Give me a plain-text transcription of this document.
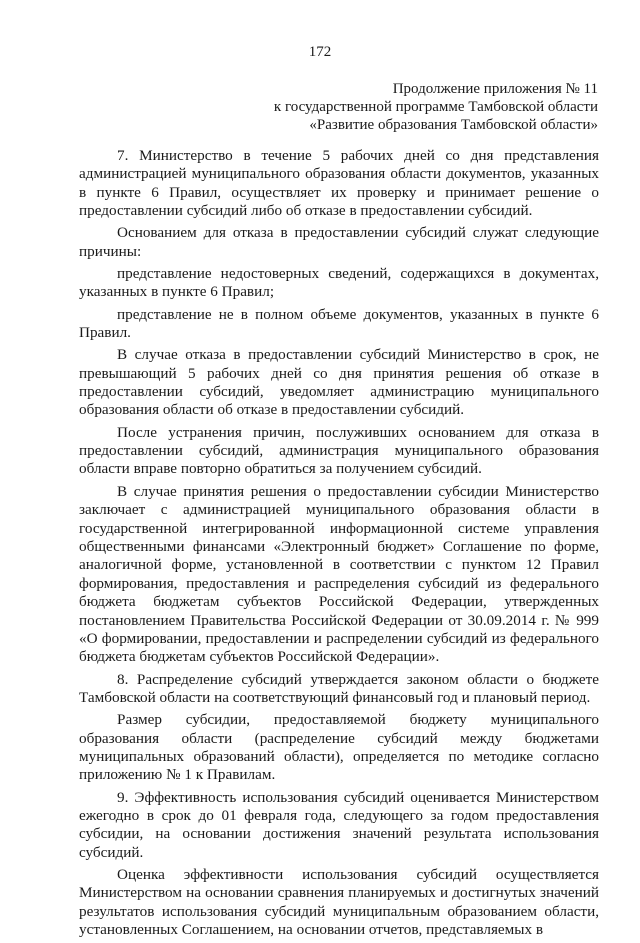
172
Продолжение приложения № 11
к государственной программе Тамбовской области
«Развитие образования Тамбовской области»

7. Министерство в течение 5 рабочих дней со дня представления администрацией муниципального образования области документов, указанных в пункте 6 Правил, осуществляет их проверку и принимает решение о предоставлении субсидий либо об отказе в предоставлении субсидий.

Основанием для отказа в предоставлении субсидий служат следующие причины:

представление недостоверных сведений, содержащихся в документах, указанных в пункте 6 Правил;

представление не в полном объеме документов, указанных в пункте 6 Правил.

В случае отказа в предоставлении субсидий Министерство в срок, не превышающий 5 рабочих дней со дня принятия решения об отказе в предоставлении субсидий, уведомляет администрацию муниципального образования области об отказе в предоставлении субсидий.

После устранения причин, послуживших основанием для отказа в предоставлении субсидий, администрация муниципального образования области вправе повторно обратиться за получением субсидий.

В случае принятия решения о предоставлении субсидии Министерство заключает с администрацией муниципального образования области в государственной интегрированной информационной системе управления общественными финансами «Электронный бюджет» Соглашение по форме, аналогичной форме, установленной в соответствии с пунктом 12 Правил формирования, предоставления и распределения субсидий из федерального бюджета бюджетам субъектов Российской Федерации, утвержденных постановлением Правительства Российской Федерации от 30.09.2014 г. № 999 «О формировании, предоставлении и распределении субсидий из федерального бюджета бюджетам субъектов Российской Федерации».

8. Распределение субсидий утверждается законом области о бюджете Тамбовской области на соответствующий финансовый год и плановый период.

Размер субсидии, предоставляемой бюджету муниципального образования области (распределение субсидий между бюджетами муниципальных образований области), определяется по методике согласно приложению № 1 к Правилам.

9. Эффективность использования субсидий оценивается Министерством ежегодно в срок до 01 февраля года, следующего за годом предоставления субсидии, на основании достижения значений результата использования субсидий.

Оценка эффективности использования субсидий осуществляется Министерством на основании сравнения планируемых и достигнутых значений результатов использования субсидий муниципальным образованием области, установленных Соглашением, на основании отчетов, представляемых в
